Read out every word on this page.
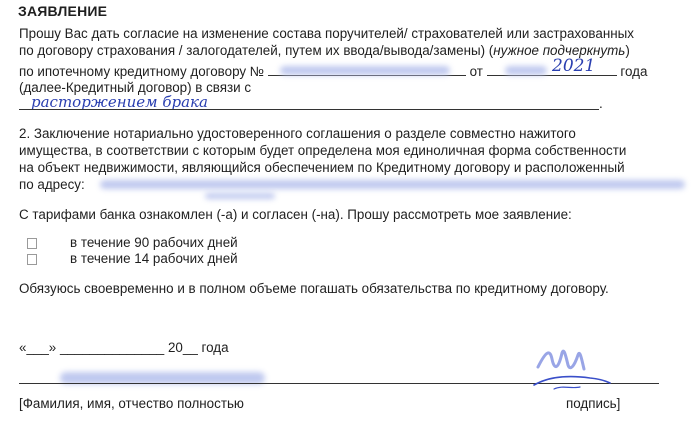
ЗАЯВЛЕНИЕ
Прошу Вас дать согласие на изменение состава поручителей/ страхователей или застрахованных
по договору страхования / залогодателей, путем их ввода/вывода/замены) (нужное подчеркнуть)
по ипотечному кредитному договору №	от	года
2021
(далее-Кредитный договор) в связи с
расторжением брака	.
2. Заключение нотариально удостоверенного соглашения о разделе совместно нажитого
имущества, в соответствии с которым будет определена моя единоличная форма собственности
на объект недвижимости, являющийся обеспечением по Кредитному договору и расположенный
по адресу:
С тарифами банка ознакомлен (-а) и согласен (-на). Прошу рассмотреть мое заявление:
в течение 90 рабочих дней
в течение 14 рабочих дней
Обязуюсь своевременно и в полном объеме погашать обязательства по кредитному договору.
«___» ______________ 20__ года
[Фамилия, имя, отчество полностью	подпись]
